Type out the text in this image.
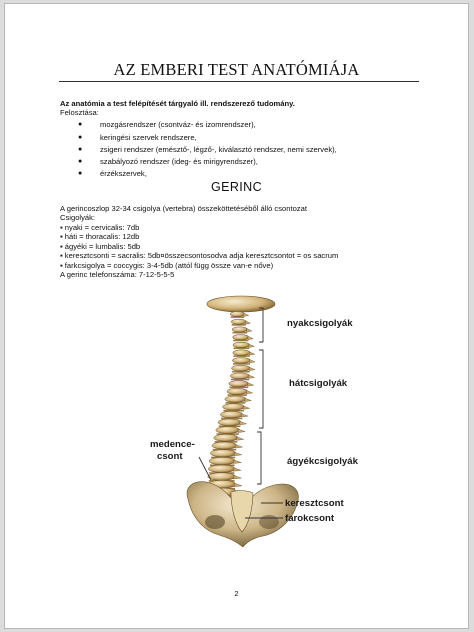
AZ EMBERI TEST ANATÓMIÁJA
Az anatómia a test felépítését tárgyaló ill. rendszerező tudomány.
Felosztása:
● mozgásrendszer (csontváz- és izomrendszer),
● keringési szervek rendszere,
● zsigeri rendszer (emésztő-, légző-, kiválasztó rendszer, nemi szervek),
● szabályozó rendszer (ideg- és mirigyrendszer),
● érzékszervek,
GERINC
A gerincoszlop 32-34 csigolya (vertebra) összeköttetéséből álló csontozat
Csigolyák:
▪ nyaki = cervicalis: 7db
▪ háti = thoracalis: 12db
▪ ágyéki = lumbalis: 5db
▪ keresztcsonti = sacralis: 5db¤összecsontosodva adja keresztcsontot = os sacrum
▪ farkcsigolya = coccygis: 3-4-5db (attól függ össze van-e nőve)
A gerinc telefonszáma: 7-12-5-5-5
nyakcsigolyák
hátcsigolyák
medence-
csont	ágyékcsigolyák
keresztcsont
farokcsont
2
